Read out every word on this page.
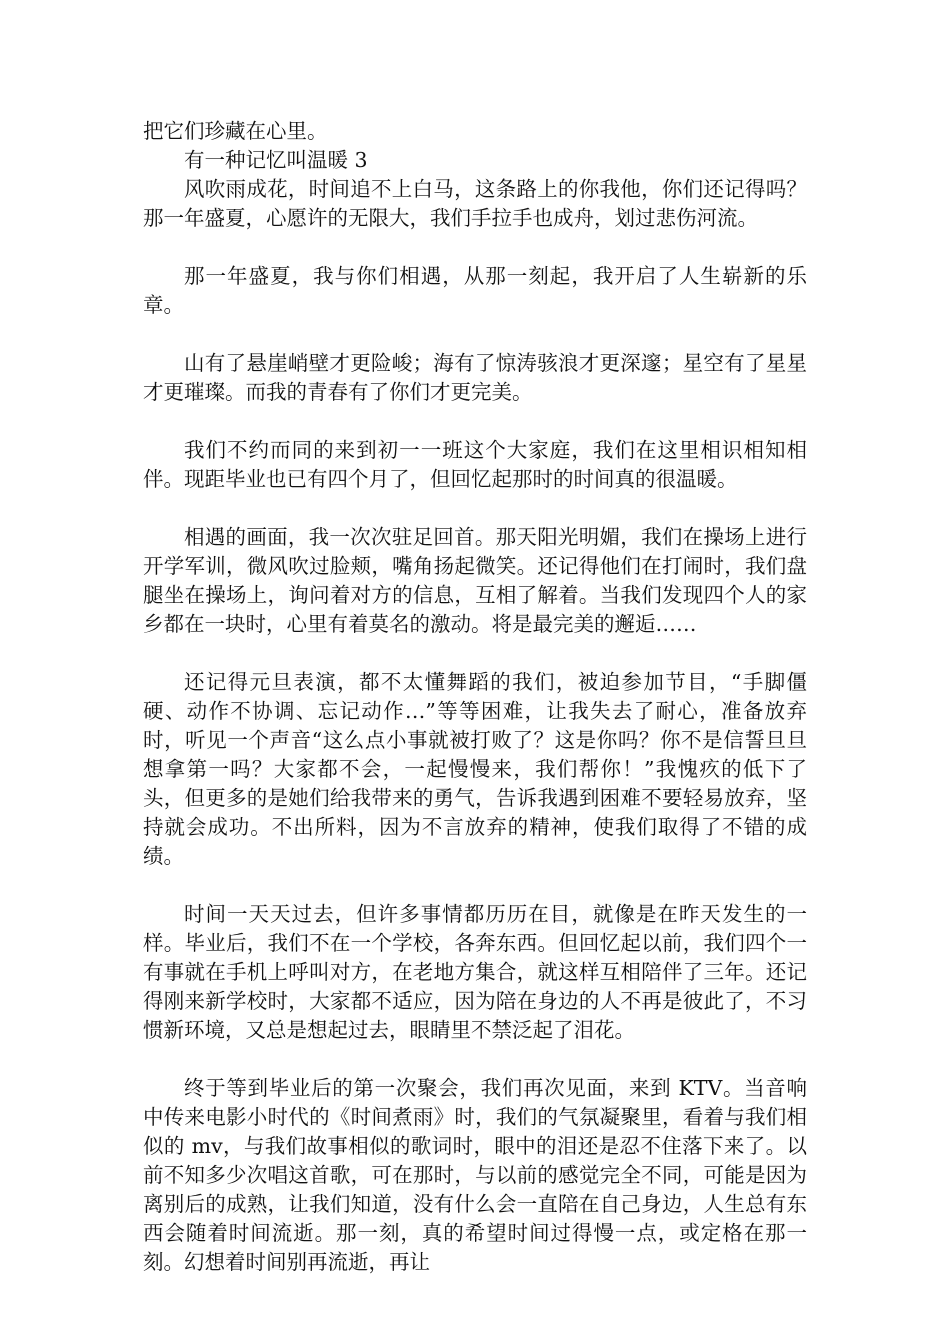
把它们珍藏在心里。

有一种记忆叫温暖 3

风吹雨成花，时间追不上白马，这条路上的你我他，你们还记得吗？那一年盛夏，心愿许的无限大，我们手拉手也成舟，划过悲伤河流。

那一年盛夏，我与你们相遇，从那一刻起，我开启了人生崭新的乐章。

山有了悬崖峭壁才更险峻；海有了惊涛骇浪才更深邃；星空有了星星才更璀璨。而我的青春有了你们才更完美。

我们不约而同的来到初一一班这个大家庭，我们在这里相识相知相伴。现距毕业也已有四个月了，但回忆起那时的时间真的很温暖。

相遇的画面，我一次次驻足回首。那天阳光明媚，我们在操场上进行开学军训，微风吹过脸颊，嘴角扬起微笑。还记得他们在打闹时，我们盘腿坐在操场上，询问着对方的信息，互相了解着。当我们发现四个人的家乡都在一块时，心里有着莫名的激动。将是最完美的邂逅……

还记得元旦表演，都不太懂舞蹈的我们，被迫参加节目，“手脚僵硬、动作不协调、忘记动作…”等等困难，让我失去了耐心，准备放弃时，听见一个声音“这么点小事就被打败了？这是你吗？你不是信誓旦旦想拿第一吗？大家都不会，一起慢慢来，我们帮你！”我愧疚的低下了头，但更多的是她们给我带来的勇气，告诉我遇到困难不要轻易放弃，坚持就会成功。不出所料，因为不言放弃的精神，使我们取得了不错的成绩。

时间一天天过去，但许多事情都历历在目，就像是在昨天发生的一样。毕业后，我们不在一个学校，各奔东西。但回忆起以前，我们四个一有事就在手机上呼叫对方，在老地方集合，就这样互相陪伴了三年。还记得刚来新学校时，大家都不适应，因为陪在身边的人不再是彼此了，不习惯新环境，又总是想起过去，眼睛里不禁泛起了泪花。

终于等到毕业后的第一次聚会，我们再次见面，来到 KTV。当音响中传来电影小时代的《时间煮雨》时，我们的气氛凝聚里，看着与我们相似的 mv，与我们故事相似的歌词时，眼中的泪还是忍不住落下来了。以前不知多少次唱这首歌，可在那时，与以前的感觉完全不同，可能是因为离别后的成熟，让我们知道，没有什么会一直陪在自己身边，人生总有东西会随着时间流逝。那一刻，真的希望时间过得慢一点，或定格在那一刻。幻想着时间别再流逝，再让
